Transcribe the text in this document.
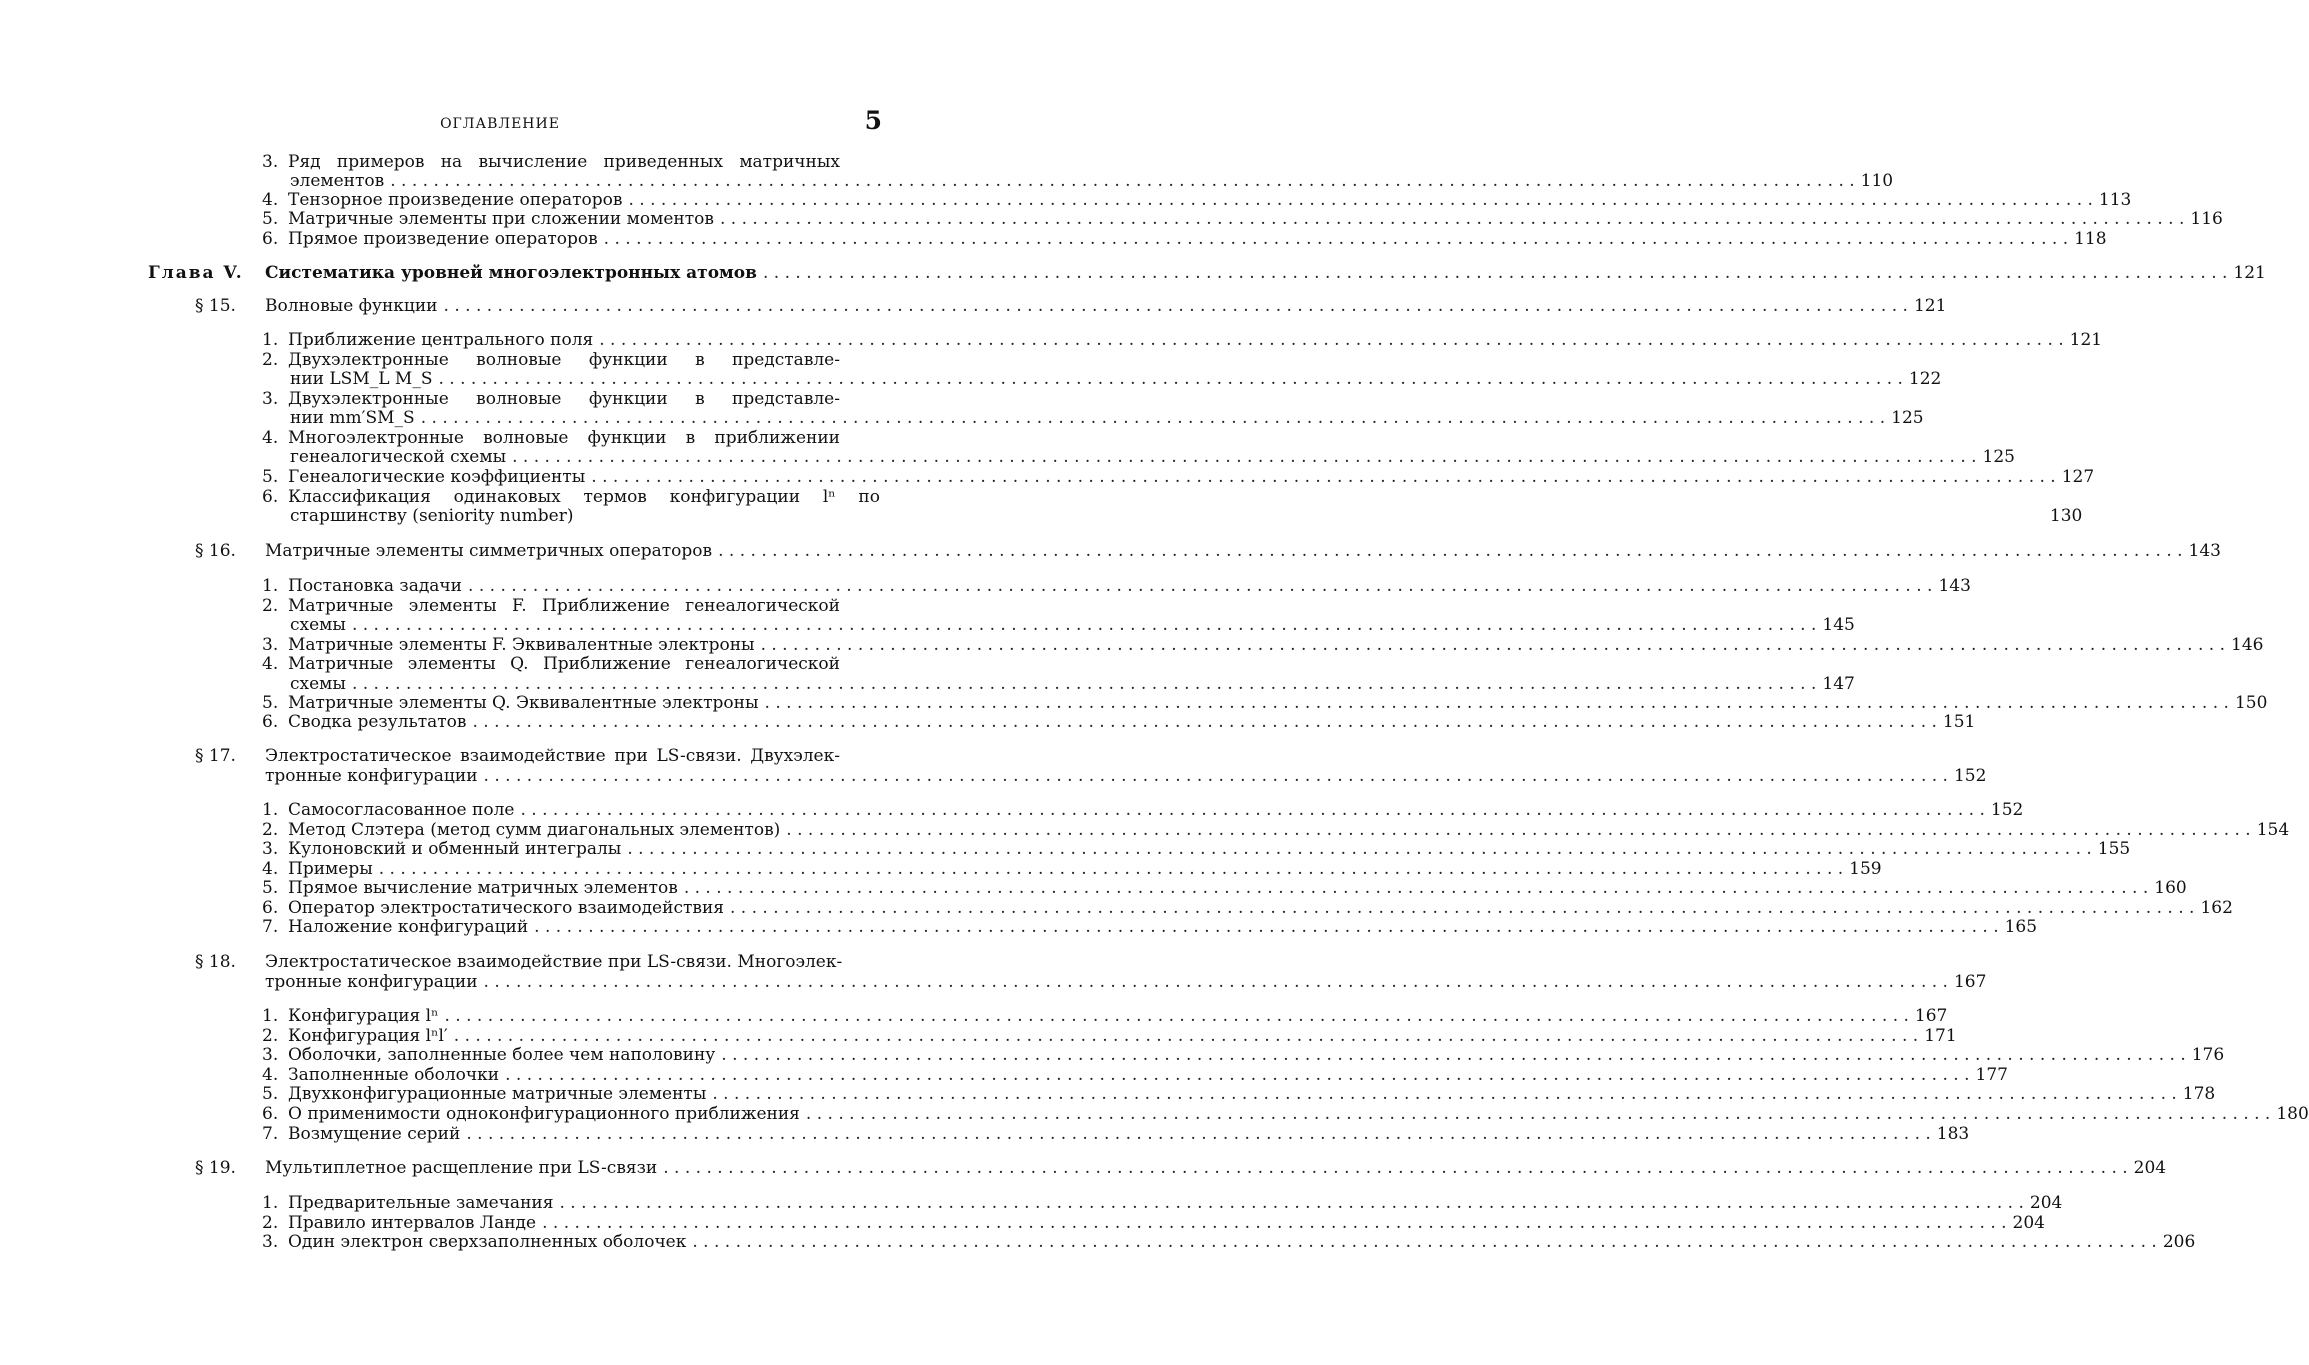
ОГЛАВЛЕНИЕ	5
3. Ряд примеров на вычисление приведенных матричных
элементов . . .	110
4. Тензорное произведение операторов . . .	113
5. Матричные элементы при сложении моментов . . .	116
6. Прямое произведение операторов . . .	118
Глава V.	Систематика уровней многоэлектронных атомов . . .	121
§ 15.	Волновые функции . . .	121
1. Приближение центрального поля . . .	121
2. Двухэлектронные волновые функции в представле-
нии LSM_L M_S . . .	122
3. Двухэлектронные волновые функции в представле-
нии mm′SM_S . . .	125
4. Многоэлектронные волновые функции в приближении
генеалогической схемы . . .	125
5. Генеалогические коэффициенты . . .	127
6. Классификация одинаковых термов конфигурации lⁿ по
старшинству (seniority number)	130
§ 16.	Матричные элементы симметричных операторов . . .	143
1. Постановка задачи . . .	143
2. Матричные элементы F. Приближение генеалогической
схемы . . .	145
3. Матричные элементы F. Эквивалентные электроны . . .	146
4. Матричные элементы Q. Приближение генеалогической
схемы . . .	147
5. Матричные элементы Q. Эквивалентные электроны . . .	150
6. Сводка результатов . . .	151
§ 17. Электростатическое взаимодействие при LS-связи. Двухэлек-
тронные конфигурации . . .	152
1. Самосогласованное поле . . .	152
2. Метод Слэтера (метод сумм диагональных элементов) . . .	154
3. Кулоновский и обменный интегралы . . .	155
4. Примеры . . .	159
5. Прямое вычисление матричных элементов . . .	160
6. Оператор электростатического взаимодействия . . .	162
7. Наложение конфигураций . . .	165
§ 18. Электростатическое взаимодействие при LS-связи. Многоэлек-
тронные конфигурации . . .	167
1. Конфигурация lⁿ . . .	167
2. Конфигурация lⁿl′ . . .	171
3. Оболочки, заполненные более чем наполовину . . .	176
4. Заполненные оболочки . . .	177
5. Двухконфигурационные матричные элементы . . .	178
6. О применимости одноконфигурационного приближения . . .	180
7. Возмущение серий . . .	183
§ 19.	Мультиплетное расщепление при LS-связи . . .	204
1. Предварительные замечания . . .	204
2. Правило интервалов Ланде . . .	204
3. Один электрон сверхзаполненных оболочек . . .	206
